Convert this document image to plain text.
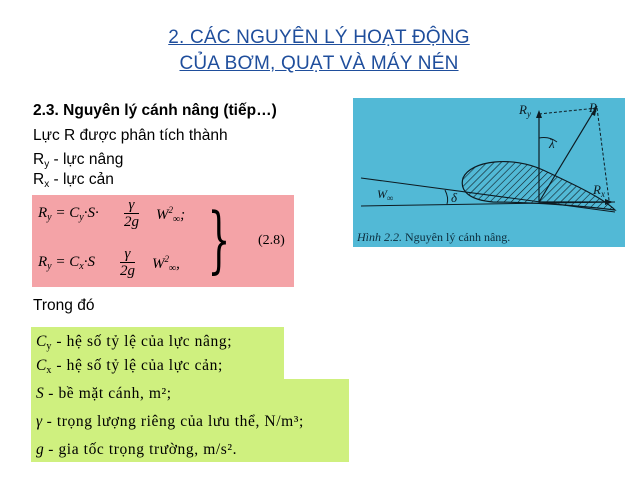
2. CÁC NGUYÊN LÝ HOẠT ĐỘNG
CỦA BƠM, QUẠT VÀ MÁY NÉN
2.3. Nguyên lý cánh nâng (tiếp…)
Lực R được phân tích thành
$R_y$ - lực nâng
$R_x$ - lực cản
$R_y = C_y\cdot S\cdot \frac{\gamma}{2g} W^2_\infty$;
$R_y = C_x\cdot S \frac{\gamma}{2g} W^2_\infty$, } (2.8)
Trong đó
$C_y$ - hệ số tỷ lệ của lực nâng;
$C_x$ - hệ số tỷ lệ của lực cản;
S - bề mặt cánh, m²;
γ - trọng lượng riêng của lưu thể, N/m³;
g - gia tốc trọng trường, m/s².
R
$R_y$
$R_x$
λ
δ
$W_\infty$
Hình 2.2. Nguyên lý cánh nâng.
